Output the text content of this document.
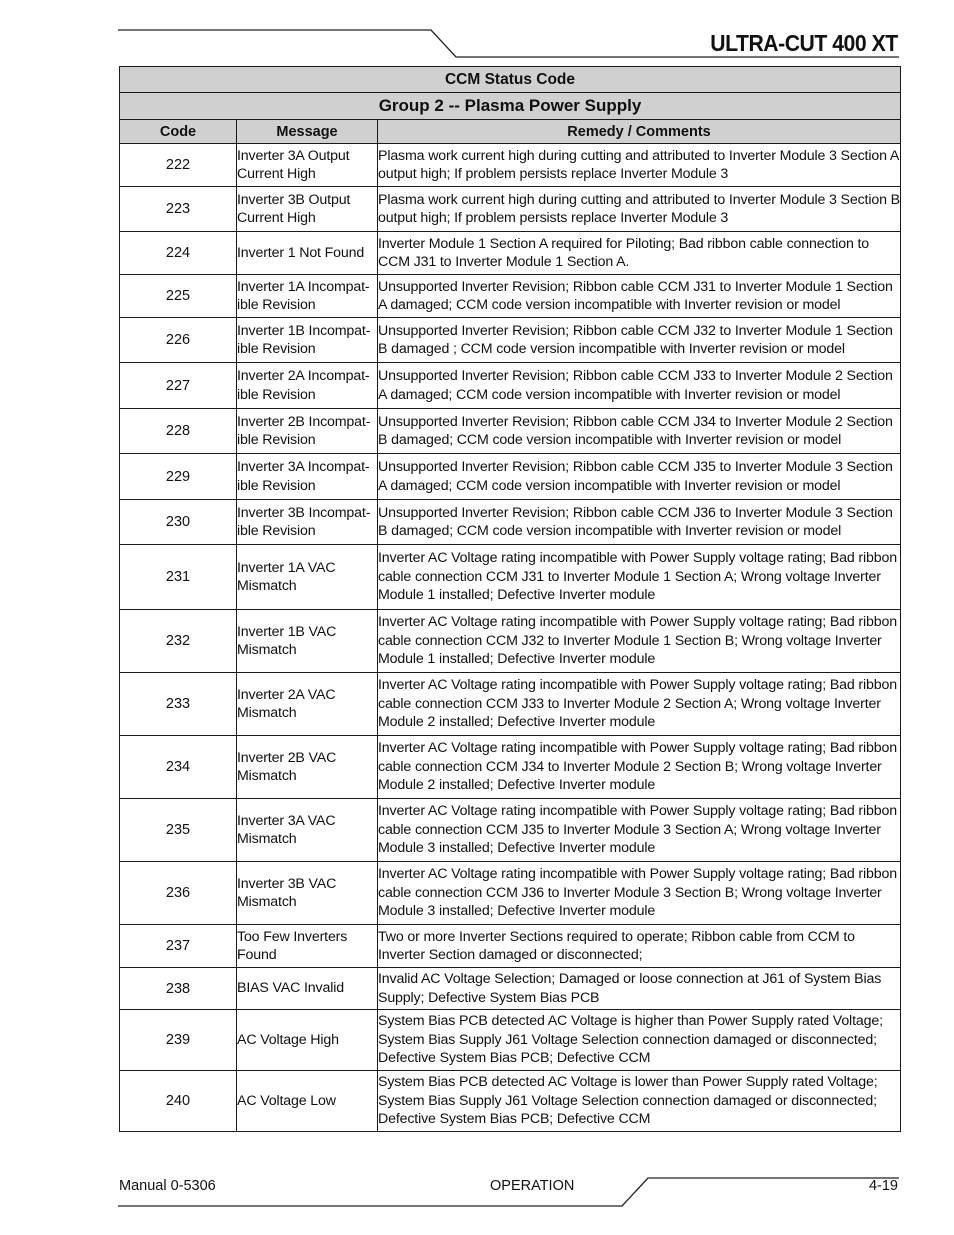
ULTRA-CUT 400 XT
CCM Status Code		
Group 2 -- Plasma Power Supply		
Code	Message	Remedy / Comments
222	Inverter 3A Output Current High	Plasma work current high during cutting and attributed to Inverter Module 3 Section A output high; If problem persists replace Inverter Module 3
223	Inverter 3B Output Current High	Plasma work current high during cutting and attributed to Inverter Module 3 Section B output high; If problem persists replace Inverter Module 3
224	Inverter 1 Not Found	Inverter Module 1 Section A required for Piloting; Bad ribbon cable connection to CCM J31 to Inverter Module 1 Section A.
225	Inverter 1A Incompat-ible Revision	Unsupported Inverter Revision; Ribbon cable CCM J31 to Inverter Module 1 Section A damaged; CCM code version incompatible with Inverter revision or model
226	Inverter 1B Incompat-ible Revision	Unsupported Inverter Revision; Ribbon cable CCM J32 to Inverter Module 1 Section B damaged ; CCM code version incompatible with Inverter revision or model
227	Inverter 2A Incompat-ible Revision	Unsupported Inverter Revision; Ribbon cable CCM J33 to Inverter Module 2 Section A damaged; CCM code version incompatible with Inverter revision or model
228	Inverter 2B Incompat-ible Revision	Unsupported Inverter Revision; Ribbon cable CCM J34 to Inverter Module 2 Section B damaged; CCM code version incompatible with Inverter revision or model
229	Inverter 3A Incompat-ible Revision	Unsupported Inverter Revision; Ribbon cable CCM J35 to Inverter Module 3 Section A damaged; CCM code version incompatible with Inverter revision or model
230	Inverter 3B Incompat-ible Revision	Unsupported Inverter Revision; Ribbon cable CCM J36 to Inverter Module 3 Section B damaged; CCM code version incompatible with Inverter revision or model
231	Inverter 1A VAC Mismatch	Inverter AC Voltage rating incompatible with Power Supply voltage rating; Bad ribbon cable connection CCM J31 to Inverter Module 1 Section A; Wrong voltage Inverter Module 1 installed; Defective Inverter module
232	Inverter 1B VAC Mismatch	Inverter AC Voltage rating incompatible with Power Supply voltage rating; Bad ribbon cable connection CCM J32 to Inverter Module 1 Section B; Wrong voltage Inverter Module 1 installed; Defective Inverter module
233	Inverter 2A VAC Mismatch	Inverter AC Voltage rating incompatible with Power Supply voltage rating; Bad ribbon cable connection CCM J33 to Inverter Module 2 Section A; Wrong voltage Inverter Module 2 installed; Defective Inverter module
234	Inverter 2B VAC Mismatch	Inverter AC Voltage rating incompatible with Power Supply voltage rating; Bad ribbon cable connection CCM J34 to Inverter Module 2 Section B; Wrong voltage Inverter Module 2 installed; Defective Inverter module
235	Inverter 3A VAC Mismatch	Inverter AC Voltage rating incompatible with Power Supply voltage rating; Bad ribbon cable connection CCM J35 to Inverter Module 3 Section A; Wrong voltage Inverter Module 3 installed; Defective Inverter module
236	Inverter 3B VAC Mismatch	Inverter AC Voltage rating incompatible with Power Supply voltage rating; Bad ribbon cable connection CCM J36 to Inverter Module 3 Section B; Wrong voltage Inverter Module 3 installed; Defective Inverter module
237	Too Few Inverters Found	Two or more Inverter Sections required to operate; Ribbon cable from CCM to Inverter Section damaged or disconnected;
238	BIAS VAC Invalid	Invalid AC Voltage Selection; Damaged or loose connection at J61 of System Bias Supply; Defective System Bias PCB
239	AC Voltage High	System Bias PCB detected AC Voltage is higher than Power Supply rated Voltage; System Bias Supply J61 Voltage Selection connection damaged or disconnected; Defective System Bias PCB; Defective CCM
240	AC Voltage Low	System Bias PCB detected AC Voltage is lower than Power Supply rated Voltage; System Bias Supply J61 Voltage Selection connection damaged or disconnected; Defective System Bias PCB; Defective CCM
Manual 0-5306	OPERATION	4-19
